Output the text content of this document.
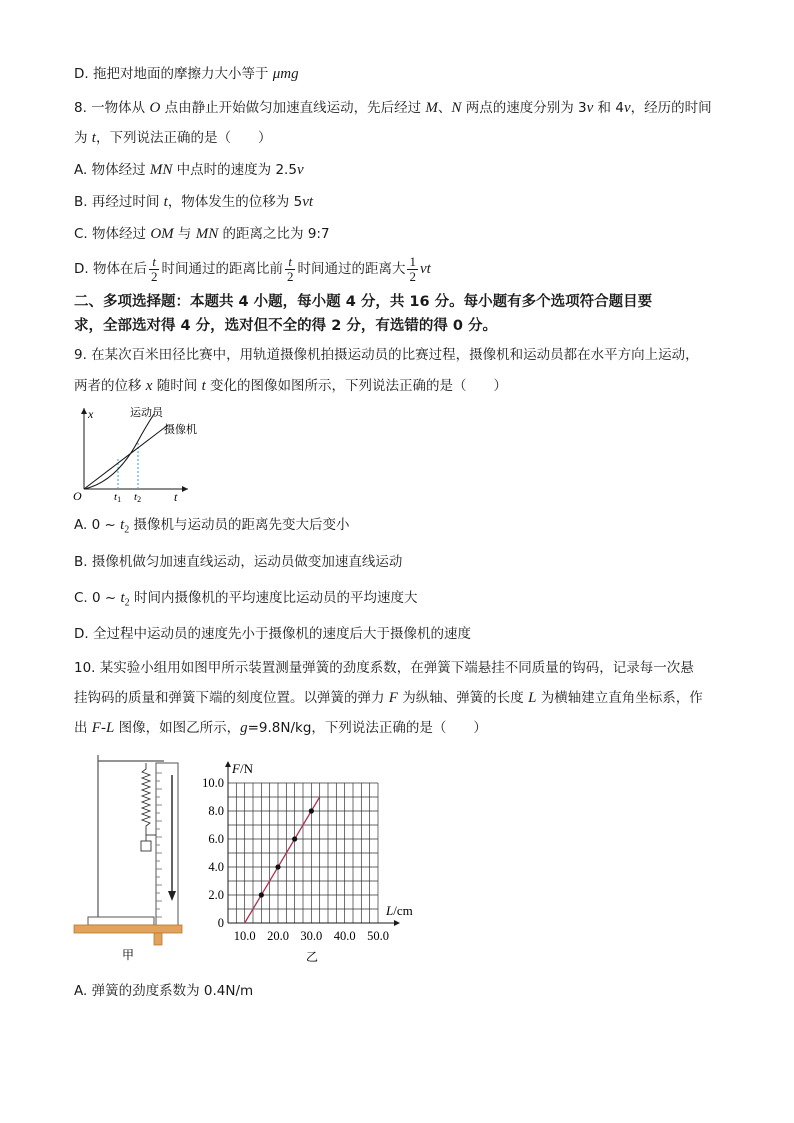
D. 拖把对地面的摩擦力大小等于 μmg
8. 一物体从 O 点由静止开始做匀加速直线运动，先后经过 M、N 两点的速度分别为 3v 和 4v，经历的时间
为 t，下列说法正确的是（　　）
A. 物体经过 MN 中点时的速度为 2.5v
B. 再经过时间 t，物体发生的位移为 5vt
C. 物体经过 OM 与 MN 的距离之比为 9:7
D. 物体在后 $\frac{t}{2}$ 时间通过的距离比前 $\frac{t}{2}$ 时间通过的距离大 $\frac{1}{2}$ vt
二、多项选择题：本题共 4 小题，每小题 4 分，共 16 分。每小题有多个选项符合题目要
求，全部选对得 4 分，选对但不全的得 2 分，有选错的得 0 分。
9. 在某次百米田径比赛中，用轨道摄像机拍摄运动员的比赛过程，摄像机和运动员都在水平方向上运动，
两者的位移 x 随时间 t 变化的图像如图所示，下列说法正确的是（　　）
x
t
O	t1 t2
运动员
摄像机
A. 0 ~ $t_2$ 摄像机与运动员的距离先变大后变小
B. 摄像机做匀加速直线运动，运动员做变加速直线运动
C. 0 ~ $t_2$ 时间内摄像机的平均速度比运动员的平均速度大
D. 全过程中运动员的速度先小于摄像机的速度后大于摄像机的速度
10. 某实验小组用如图甲所示装置测量弹簧的劲度系数，在弹簧下端悬挂不同质量的钩码，记录每一次悬
挂钩码的质量和弹簧下端的刻度位置。以弹簧的弹力 F 为纵轴、弹簧的长度 L 为横轴建立直角坐标系，作
出 F-L 图像，如图乙所示，g=9.8N/kg，下列说法正确的是（　　）
甲
0
2.0
4.0
6.0
8.0
10.0
10.0 20.0 30.0 40.0 50.0
F/N
L/cm
乙
A. 弹簧的劲度系数为 0.4N/m
